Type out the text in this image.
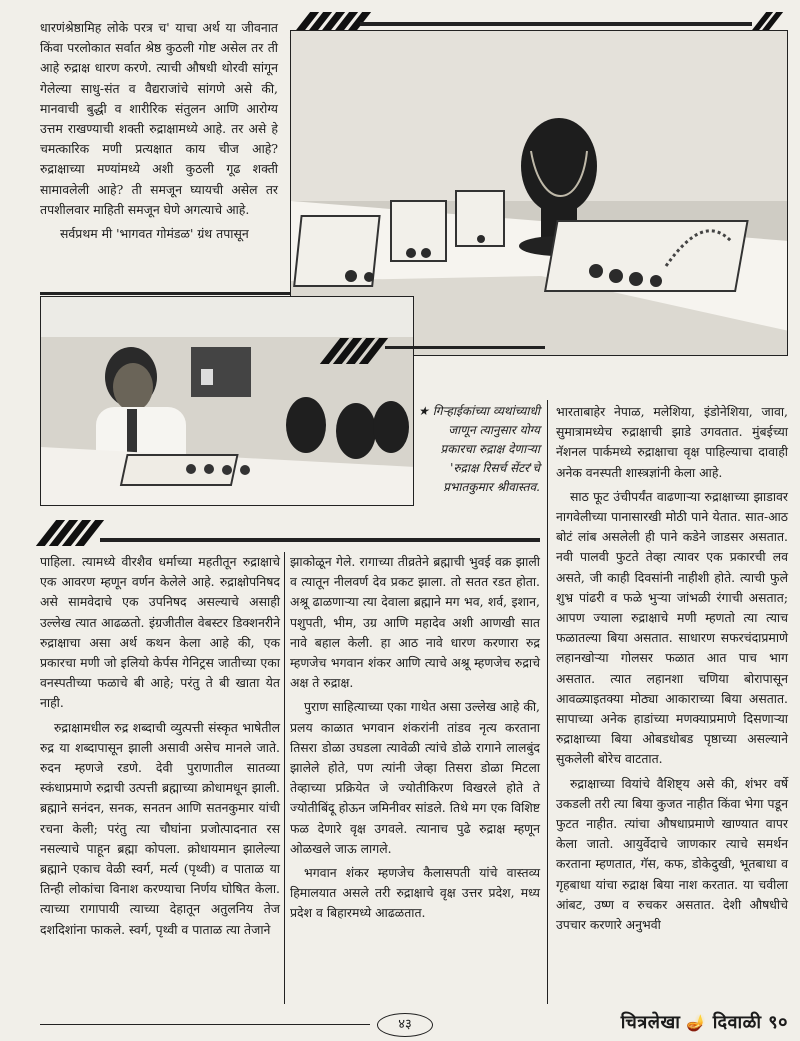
धारणंश्रेष्ठामिह लोके परत्र च' याचा अर्थ या जीवनात किंवा परलोकात सर्वात श्रेष्ठ कुठली गोष्ट असेल तर ती आहे रुद्राक्ष धारण करणे. त्याची औषधी थोरवी सांगून गेलेल्या साधु-संत व वैद्यराजांचे सांगणे असे की, मानवाची बुद्धी व शारीरिक संतुलन आणि आरोग्य उत्तम राखण्याची शक्ती रुद्राक्षामध्ये आहे. तर असे हे चमत्कारिक मणी प्रत्यक्षात काय चीज आहे? रुद्राक्षाच्या मण्यांमध्ये अशी कुठली गूढ शक्ती सामावलेली आहे? ती समजून घ्यायची असेल तर तपशीलवार माहिती समजून घेणे अगत्याचे आहे.

सर्वप्रथम मी 'भागवत गोमंडळ' ग्रंथ तपासून

★ गिऱ्हाईकांच्या व्यथांच्याधी जाणून त्यानुसार योग्य प्रकारचा रुद्राक्ष देणाऱ्या 'रुद्राक्ष रिसर्च सेंटर'चे प्रभातकुमार श्रीवास्तव.

भारताबाहेर नेपाळ, मलेशिया, इंडोनेशिया, जावा, सुमात्रामध्येच रुद्राक्षाची झाडे उगवतात. मुंबईच्या नॅशनल पार्कमध्ये रुद्राक्षाचा वृक्ष पाहिल्याचा दावाही अनेक वनस्पती शास्त्रज्ञांनी केला आहे.

साठ फूट उंचीपर्यंत वाढणाऱ्या रुद्राक्षाच्या झाडावर नागवेलीच्या पानासारखी मोठी पाने येतात. सात-आठ बोटं लांब असलेली ही पाने कडेने जाडसर असतात. नवी पालवी फुटते तेव्हा त्यावर एक प्रकारची लव असते, जी काही दिवसांनी नाहीशी होते. त्याची फुले शुभ्र पांढरी व फळे भुऱ्या जांभळी रंगाची असतात; आपण ज्याला रुद्राक्षाचे मणी म्हणतो त्या त्याच फळातल्या बिया असतात. साधारण सफरचंदाप्रमाणे लहानखोऱ्या गोलसर फळात आत पाच भाग असतात. त्यात लहानशा चणिया बोरापासून आवळ्याइतक्या मोठ्या आकाराच्या बिया असतात. सापाच्या अनेक हाडांच्या मणक्याप्रमाणे दिसणाऱ्या रुद्राक्षाच्या बिया ओबडधोबड पृष्ठाच्या असल्याने सुकलेली बोरेच वाटतात.

रुद्राक्षाच्या वियांचे वैशिष्ट्य असे की, शंभर वर्षे उकडली तरी त्या बिया कुजत नाहीत किंवा भेगा पडून फुटत नाहीत. त्यांचा औषधाप्रमाणे खाण्यात वापर केला जातो. आयुर्वेदाचे जाणकार त्याचे समर्थन करताना म्हणतात, गॅस, कफ, डोकेदुखी, भूतबाधा व गृहबाधा यांचा रुद्राक्ष बिया नाश करतात. या चवीला आंबट, उष्ण व रुचकर असतात. देशी औषधीचे उपचार करणारे अनुभवी

पाहिला. त्यामध्ये वीरशैव धर्माच्या महतीतून रुद्राक्षाचे एक आवरण म्हणून वर्णन केलेले आहे. रुद्राक्षोपनिषद असे सामवेदाचे एक उपनिषद असल्याचे असाही उल्लेख त्यात आढळतो. इंग्रजीतील वेबस्टर डिक्शनरीने रुद्राक्षाचा असा अर्थ कथन केला आहे की, एक प्रकारचा मणी जो इलियो केर्पस गेनिट्रस जातीच्या एका वनस्पतीच्या फळाचे बी आहे; परंतु ते बी खाता येत नाही.

रुद्राक्षामधील रुद्र शब्दाची व्युत्पत्ती संस्कृत भाषेतील रुद्र या शब्दापासून झाली असावी असेच मानले जाते. रुदन म्हणजे रडणे. देवी पुराणातील सातव्या स्कंधाप्रमाणे रुद्राची उत्पत्ती ब्रह्माच्या क्रोधामधून झाली. ब्रह्माने सनंदन, सनक, सनतन आणि सतनकुमार यांची रचना केली; परंतु त्या चौघांना प्रजोत्पादनात रस नसल्याचे पाहून ब्रह्मा कोपला. क्रोधायमान झालेल्या ब्रह्माने एकाच वेळी स्वर्ग, मर्त्य (पृथ्वी) व पाताळ या तिन्ही लोकांचा विनाश करण्याचा निर्णय घोषित केला. त्याच्या रागापायी त्याच्या देहातून अतुलनिय तेज दशदिशांना फाकले. स्वर्ग, पृथ्वी व पाताळ त्या तेजाने

झाकोळून गेले. रागाच्या तीव्रतेने ब्रह्माची भुवई वक्र झाली व त्यातून नीलवर्ण देव प्रकट झाला. तो सतत रडत होता. अश्रू ढाळणाऱ्या त्या देवाला ब्रह्माने मग भव, शर्व, इशान, पशुपती, भीम, उग्र आणि महादेव अशी आणखी सात नावे बहाल केली. हा आठ नावे धारण करणारा रुद्र म्हणजेच भगवान शंकर आणि त्याचे अश्रू म्हणजेच रुद्राचे अक्ष ते रुद्राक्ष.

पुराण साहित्याच्या एका गाथेत असा उल्लेख आहे की, प्रलय काळात भगवान शंकरांनी तांडव नृत्य करताना तिसरा डोळा उघडला त्यावेळी त्यांचे डोळे रागाने लालबुंद झालेले होते, पण त्यांनी जेव्हा तिसरा डोळा मिटला तेव्हाच्या प्रक्रियेत जे ज्योतीकिरण विखरले होते ते ज्योतीबिंदू होऊन जमिनीवर सांडले. तिथे मग एक विशिष्ट फळ देणारे वृक्ष उगवले. त्यानाच पुढे रुद्राक्ष म्हणून ओळखले जाऊ लागले.

भगवान शंकर म्हणजेच कैलासपती यांचे वास्तव्य हिमालयात असले तरी रुद्राक्षाचे वृक्ष उत्तर प्रदेश, मध्य प्रदेश व बिहारमध्ये आढळतात.

४३	चित्रलेखा 🪔 दिवाळी ९०
